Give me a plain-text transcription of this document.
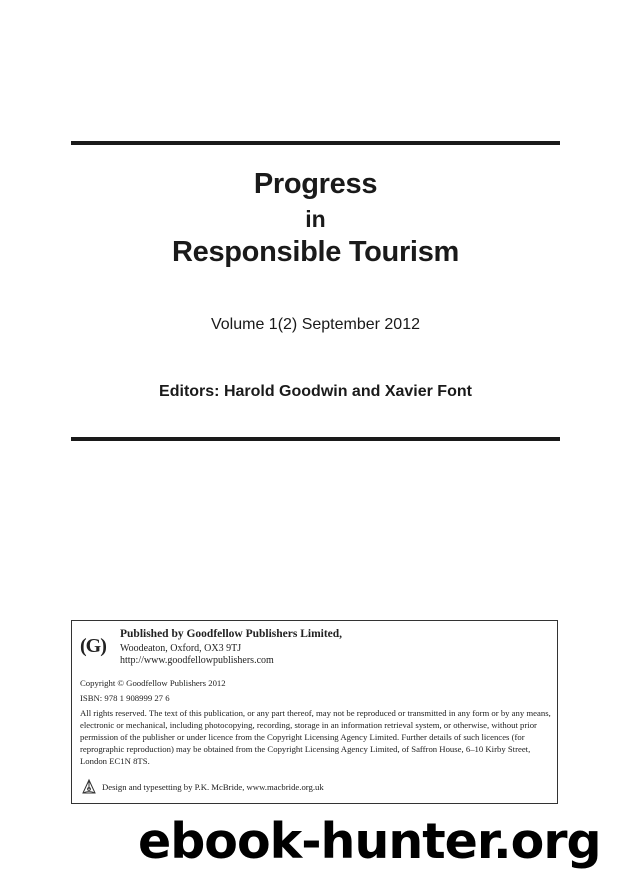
Progress
in
Responsible Tourism
Volume 1(2) September 2012
Editors: Harold Goodwin and Xavier Font
(G)
Published by Goodfellow Publishers Limited,
Woodeaton, Oxford, OX3 9TJ
http://www.goodfellowpublishers.com
Copyright © Goodfellow Publishers 2012
ISBN: 978 1 908999 27 6
All rights reserved. The text of this publication, or any part thereof, may not be reproduced or transmitted in any form or by any means, electronic or mechanical, including photocopying, recording, storage in an information retrieval system, or otherwise, without prior permission of the publisher or under licence from the Copyright Licensing Agency Limited. Further details of such licences (for reprographic reproduction) may be obtained from the Copyright Licensing Agency Limited, of Saffron House, 6–10 Kirby Street, London EC1N 8TS.
Design and typesetting by P.K. McBride, www.macbride.org.uk
ebook-hunter.org
